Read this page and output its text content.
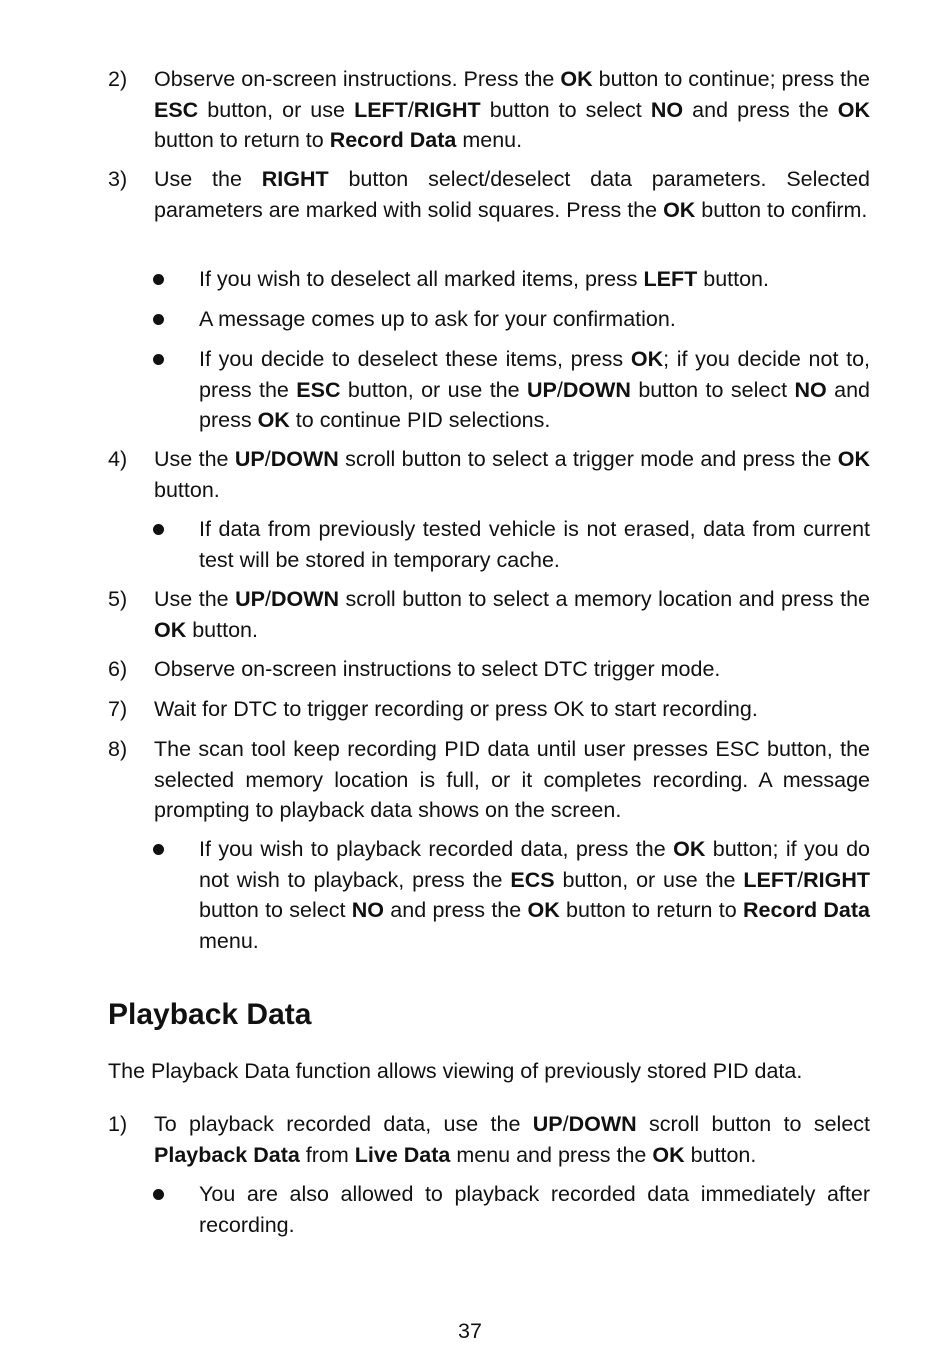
2)	Observe on-screen instructions. Press the OK button to continue; press the ESC button, or use LEFT/RIGHT button to select NO and press the OK button to return to Record Data menu.
3)	Use the RIGHT button select/deselect data parameters. Selected parameters are marked with solid squares. Press the OK button to confirm.
If you wish to deselect all marked items, press LEFT button.
A message comes up to ask for your confirmation.
If you decide to deselect these items, press OK; if you decide not to, press the ESC button, or use the UP/DOWN button to select NO and press OK to continue PID selections.
4)	Use the UP/DOWN scroll button to select a trigger mode and press the OK button.
If data from previously tested vehicle is not erased, data from current test will be stored in temporary cache.
5)	Use the UP/DOWN scroll button to select a memory location and press the OK button.
6)	Observe on-screen instructions to select DTC trigger mode.
7)	Wait for DTC to trigger recording or press OK to start recording.
8)	The scan tool keep recording PID data until user presses ESC button, the selected memory location is full, or it completes recording. A message prompting to playback data shows on the screen.
If you wish to playback recorded data, press the OK button; if you do not wish to playback, press the ECS button, or use the LEFT/RIGHT button to select NO and press the OK button to return to Record Data menu.
1)	To playback recorded data, use the UP/DOWN scroll button to select Playback Data from Live Data menu and press the OK button.
You are also allowed to playback recorded data immediately after recording.
Playback Data
The Playback Data function allows viewing of previously stored PID data.
37
